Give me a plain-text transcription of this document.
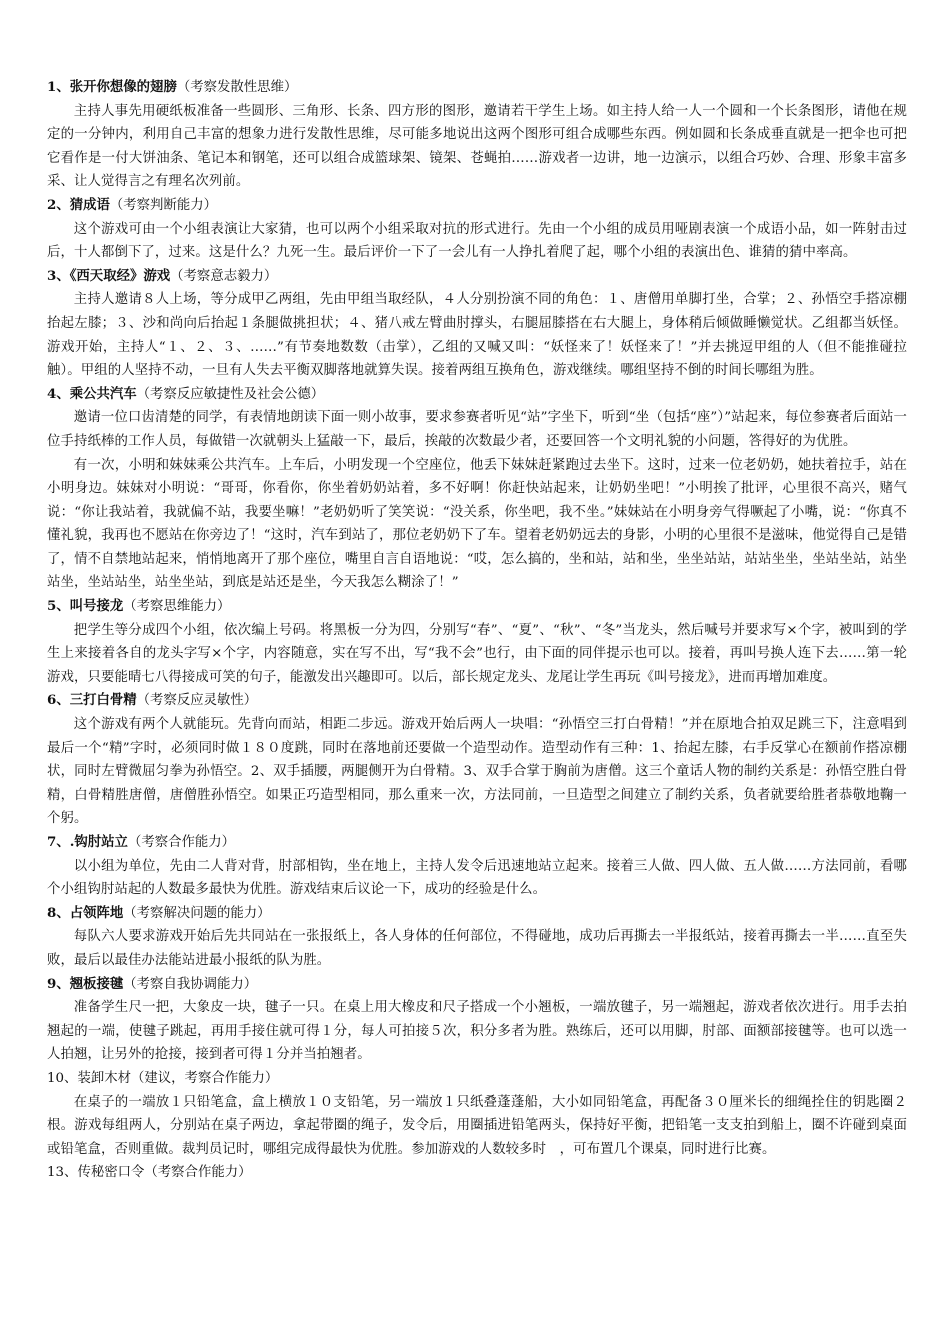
1、张开你想像的翅膀（考察发散性思维）

主持人事先用硬纸板准备一些圆形、三角形、长条、四方形的图形，邀请若干学生上场。如主持人给一人一个圆和一个长条图形，请他在规定的一分钟内，利用自己丰富的想象力进行发散性思维，尽可能多地说出这两个图形可组合成哪些东西。例如圆和长条成垂直就是一把伞也可把它看作是一付大饼油条、笔记本和钢笔，还可以组合成篮球架、镜架、苍蝇拍……游戏者一边讲，地一边演示，以组合巧妙、合理、形象丰富多采、让人觉得言之有理名次列前。

2、猜成语（考察判断能力）

这个游戏可由一个小组表演让大家猜，也可以两个小组采取对抗的形式进行。先由一个小组的成员用哑剧表演一个成语小品，如一阵射击过后，十人都倒下了，过来。这是什么？九死一生。最后评价一下了一会儿有一人挣扎着爬了起，哪个小组的表演出色、谁猜的猜中率高。

3、《西天取经》游戏（考察意志毅力）

主持人邀请８人上场，等分成甲乙两组，先由甲组当取经队，４人分别扮演不同的角色：１、唐僧用单脚打坐，合掌；２、孙悟空手搭凉棚抬起左膝；３、沙和尚向后抬起１条腿做挑担状；４、猪八戒左臂曲肘撑头，右腿屈膝搭在右大腿上，身体稍后倾做睡懒觉状。乙组都当妖怪。游戏开始，主持人“１、２、３、……”有节奏地数数（击掌），乙组的又喊又叫：“妖怪来了！妖怪来了！”并去挑逗甲组的人（但不能推碰拉触）。甲组的人坚持不动，一旦有人失去平衡双脚落地就算失误。接着两组互换角色，游戏继续。哪组坚持不倒的时间长哪组为胜。

4、乘公共汽车（考察反应敏捷性及社会公德）

邀请一位口齿清楚的同学，有表情地朗读下面一则小故事，要求参赛者听见“站”字坐下，听到“坐（包括“座”）”站起来，每位参赛者后面站一位手持纸棒的工作人员，每做错一次就朝头上猛敲一下，最后，挨敲的次数最少者，还要回答一个文明礼貌的小问题，答得好的为优胜。

有一次，小明和妹妹乘公共汽车。上车后，小明发现一个空座位，他丢下妹妹赶紧跑过去坐下。这时，过来一位老奶奶，她扶着拉手，站在小明身边。妹妹对小明说：“哥哥，你看你，你坐着奶奶站着，多不好啊！你赶快站起来，让奶奶坐吧！”小明挨了批评，心里很不高兴，赌气说：“你让我站着，我就偏不站，我要坐嘛！”老奶奶听了笑笑说：“没关系，你坐吧，我不坐。”妹妹站在小明身旁气得噘起了小嘴，说：“你真不懂礼貌，我再也不愿站在你旁边了！“这时，汽车到站了，那位老奶奶下了车。望着老奶奶远去的身影，小明的心里很不是滋味，他觉得自己是错了，情不自禁地站起来，悄悄地离开了那个座位，嘴里自言自语地说：“哎，怎么搞的，坐和站，站和坐，坐坐站站，站站坐坐，坐站坐站，站坐站坐，坐站站坐，站坐坐站，到底是站还是坐，今天我怎么糊涂了！”

5、叫号接龙（考察思维能力）

把学生等分成四个小组，依次编上号码。将黑板一分为四，分别写“春”、“夏”、“秋”、“冬”当龙头，然后喊号并要求写×个字，被叫到的学生上来接着各自的龙头字写×个字，内容随意，实在写不出，写“我不会”也行，由下面的同伴提示也可以。接着，再叫号换人连下去……第一轮游戏，只要能晴七八得接成可笑的句子，能激发出兴趣即可。以后，部长规定龙头、龙尾让学生再玩《叫号接龙》，进而再增加难度。

6、三打白骨精（考察反应灵敏性）

这个游戏有两个人就能玩。先背向而站，相距二步远。游戏开始后两人一块唱：“孙悟空三打白骨精！”并在原地合拍双足跳三下，注意唱到最后一个“精”字时，必须同时做１８０度跳，同时在落地前还要做一个造型动作。造型动作有三种：1、抬起左膝，右手反掌心在额前作搭凉棚状，同时左臂微屈匀拳为孙悟空。2、双手插腰，两腿侧开为白骨精。3、双手合掌于胸前为唐僧。这三个童话人物的制约关系是：孙悟空胜白骨精，白骨精胜唐僧，唐僧胜孙悟空。如果正巧造型相同，那么重来一次，方法同前，一旦造型之间建立了制约关系，负者就要给胜者恭敬地鞠一个躬。

7、.钩肘站立（考察合作能力）

以小组为单位，先由二人背对背，肘部相钩，坐在地上，主持人发令后迅速地站立起来。接着三人做、四人做、五人做……方法同前，看哪个小组钩肘站起的人数最多最快为优胜。游戏结束后议论一下，成功的经验是什么。

8、占领阵地（考察解决问题的能力）

每队六人要求游戏开始后先共同站在一张报纸上，各人身体的任何部位，不得碰地，成功后再撕去一半报纸站，接着再撕去一半……直至失败，最后以最佳办法能站进最小报纸的队为胜。

9、翘板接毽（考察自我协调能力）

准备学生尺一把，大象皮一块，毽子一只。在桌上用大橡皮和尺子搭成一个小翘板，一端放毽子，另一端翘起，游戏者依次进行。用手去拍翘起的一端，使毽子跳起，再用手接住就可得１分，每人可拍接５次，积分多者为胜。熟练后，还可以用脚，肘部、面额部接毽等。也可以选一人拍翘，让另外的抢接，接到者可得１分并当拍翘者。

10、装卸木材（建议，考察合作能力）

在桌子的一端放１只铅笔盒，盒上横放１０支铅笔，另一端放１只纸叠蓬蓬船，大小如同铅笔盒，再配备３０厘米长的细绳拴住的钥匙圈２根。游戏每组两人，分别站在桌子两边，拿起带圈的绳子，发令后，用圈插进铅笔两头，保持好平衡，把铅笔一支支拍到船上，圈不许碰到桌面或铅笔盒，否则重做。裁判员记时，哪组完成得最快为优胜。参加游戏的人数较多时　，可布置几个课桌，同时进行比赛。

13、传秘密口令（考察合作能力）
